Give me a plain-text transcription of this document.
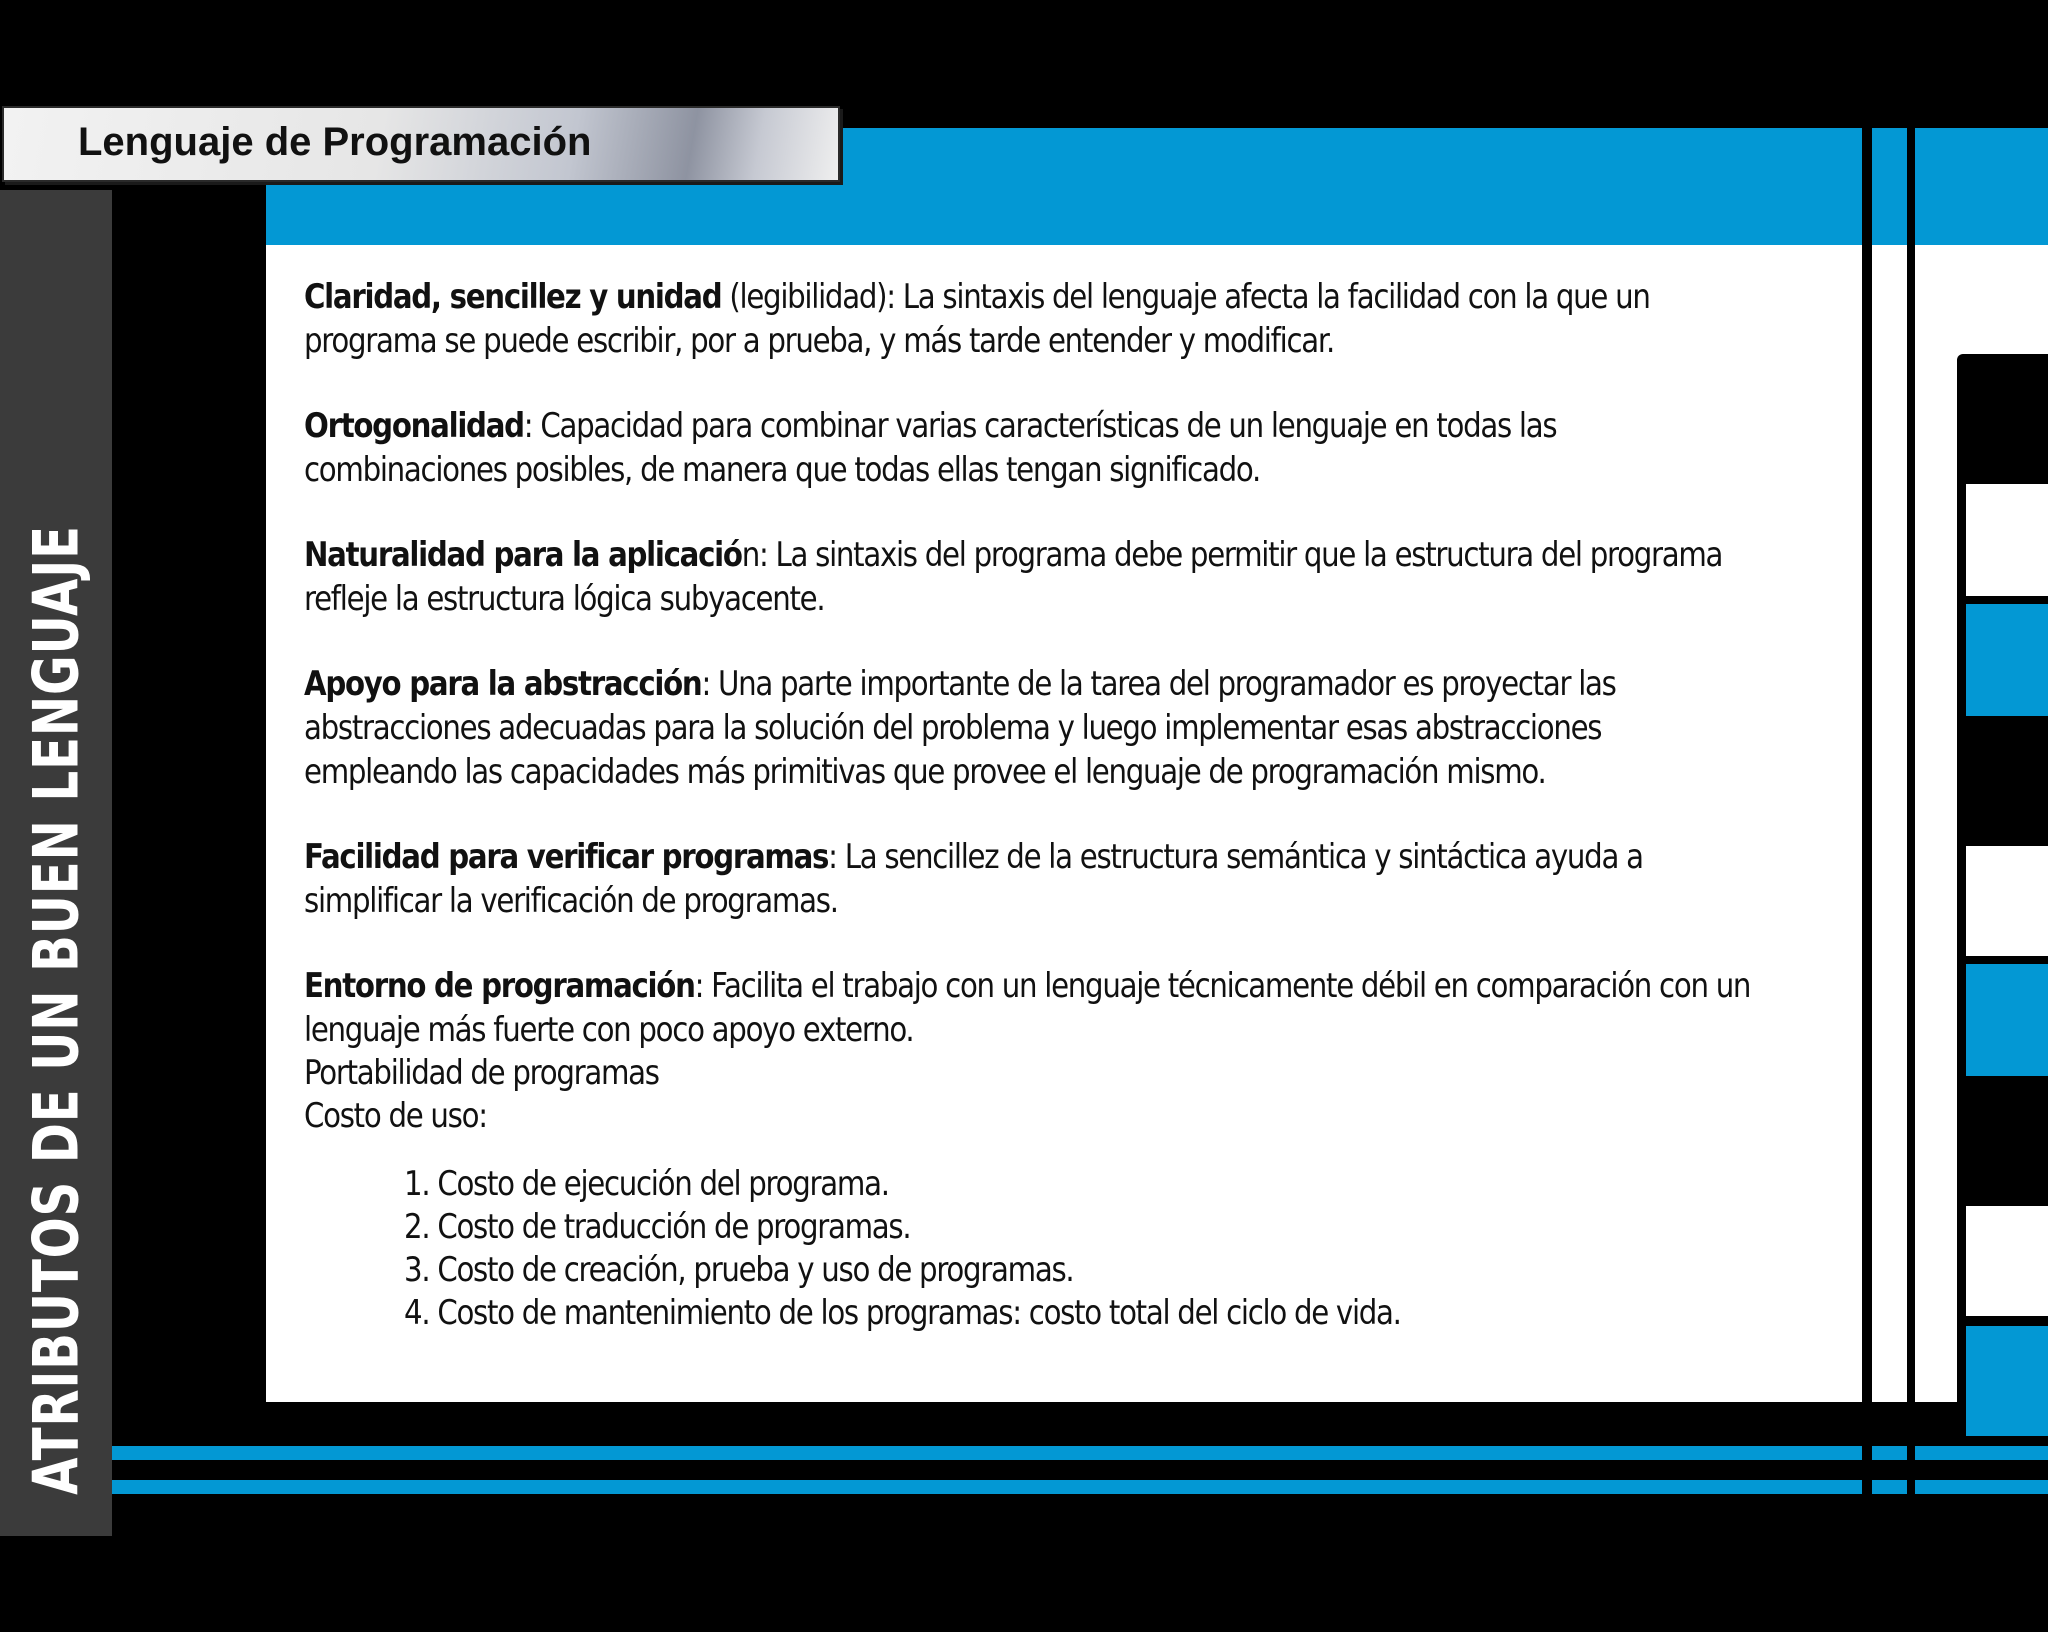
ATRIBUTOS DE UN BUEN LENGUAJE
Lenguaje de Programación
Claridad, sencillez y unidad (legibilidad): La sintaxis del lenguaje afecta la facilidad con la que un
programa se puede escribir, por a prueba, y más tarde entender y modificar.
Ortogonalidad: Capacidad para combinar varias características de un lenguaje en todas las
combinaciones posibles, de manera que todas ellas tengan significado.
Naturalidad para la aplicación: La sintaxis del programa debe permitir que la estructura del programa
refleje la estructura lógica subyacente.
Apoyo para la abstracción: Una parte importante de la tarea del programador es proyectar las
abstracciones adecuadas para la solución del problema y luego implementar esas abstracciones
empleando las capacidades más primitivas que provee el lenguaje de programación mismo.
Facilidad para verificar programas: La sencillez de la estructura semántica y sintáctica ayuda a
simplificar la verificación de programas.
Entorno de programación: Facilita el trabajo con un lenguaje técnicamente débil en comparación con un
lenguaje más fuerte con poco apoyo externo.
Portabilidad de programas
Costo de uso:
1. Costo de ejecución del programa.
2. Costo de traducción de programas.
3. Costo de creación, prueba y uso de programas.
4. Costo de mantenimiento de los programas: costo total del ciclo de vida.
